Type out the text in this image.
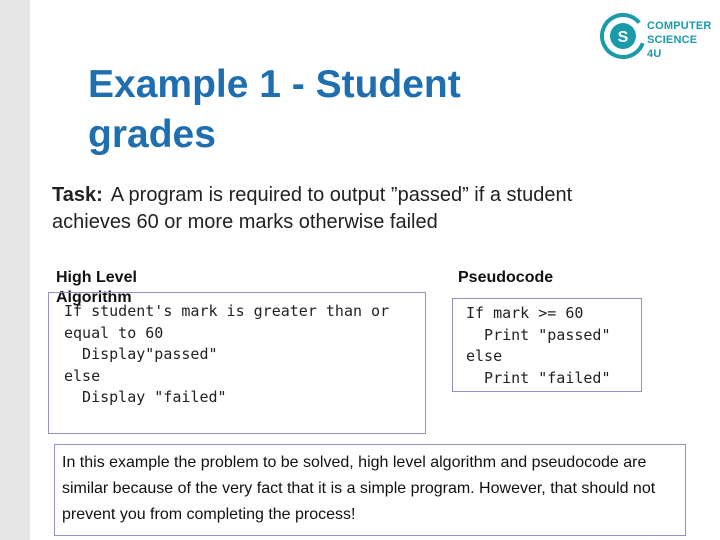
S
COMPUTER
SCIENCE 4U
Example 1 - Student grades
Task: A program is required to output ”passed” if a student achieves 60 or more marks otherwise failed
High Level Algorithm
If student's mark is greater than or
equal to 60
Display"passed"
else
Display "failed"
Pseudocode
If mark >= 60
Print "passed"
else
Print "failed"
In this example the problem to be solved, high level algorithm and pseudocode are similar because of the very fact that it is a simple program. However, that should not prevent you from completing the process!
